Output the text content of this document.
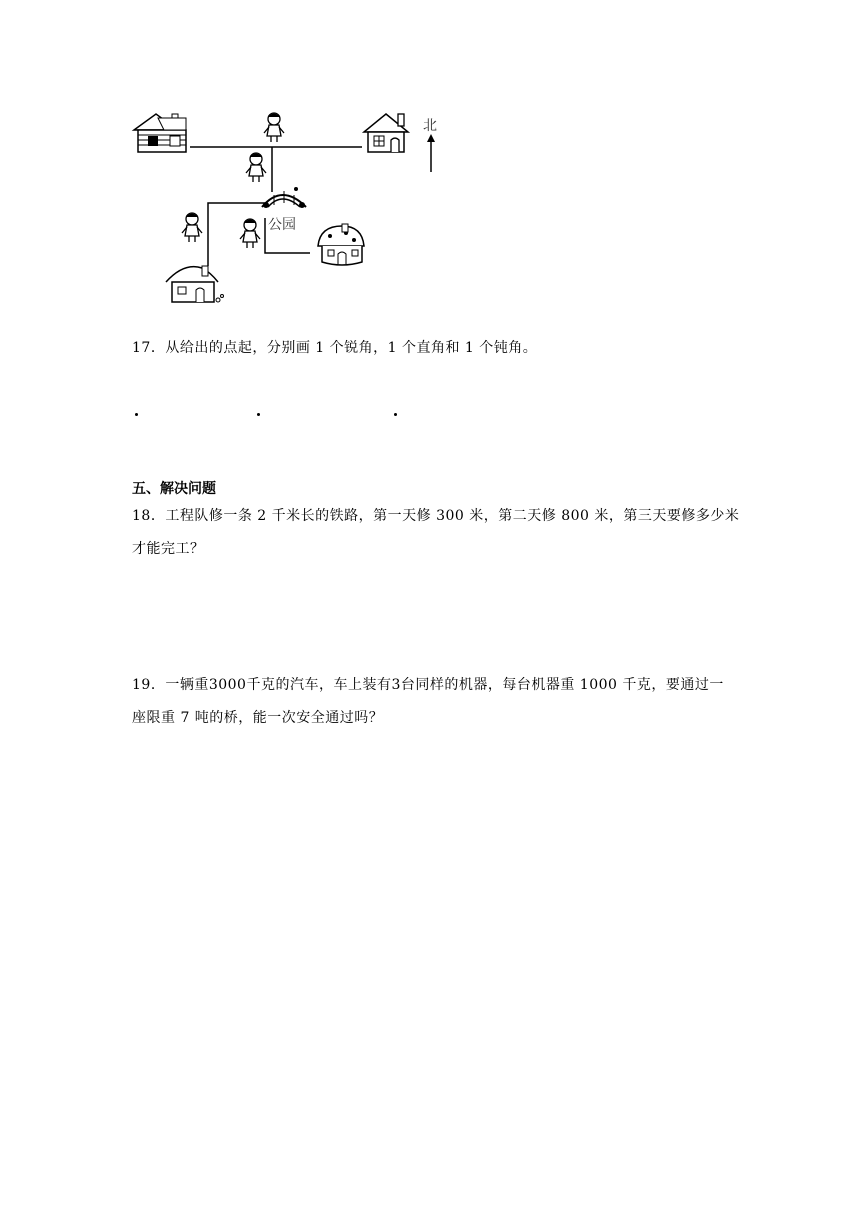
北
公园
17．从给出的点起，分别画 1 个锐角，1 个直角和 1 个钝角。
五、解决问题
18．工程队修一条 2 千米长的铁路，第一天修 300 米，第二天修 800 米，第三天要修多少米
才能完工？
19．一辆重3000千克的汽车，车上装有3台同样的机器，每台机器重 1000 千克，要通过一
座限重 7 吨的桥，能一次安全通过吗？
